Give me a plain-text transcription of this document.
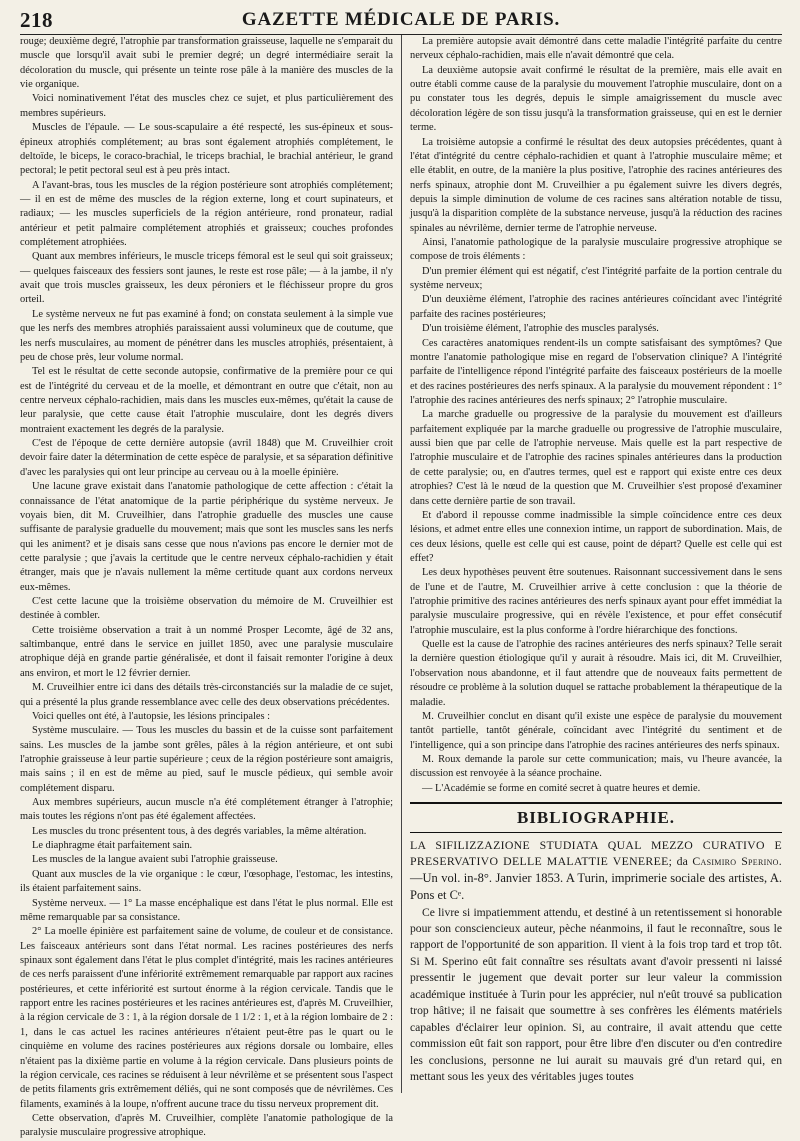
218	GAZETTE MÉDICALE DE PARIS.

rouge; deuxième degré, l'atrophie par transformation graisseuse, laquelle ne s'emparait du muscle que lorsqu'il avait subi le premier degré; un degré intermédiaire serait la décoloration du muscle, qui présente un teinte rose pâle à la manière des muscles de la vie organique.

Voici nominativement l'état des muscles chez ce sujet, et plus particulièrement des membres supérieurs.

Muscles de l'épaule. — Le sous-scapulaire a été respecté, les sus-épineux et sous-épineux atrophiés complétement; au bras sont également atrophiés complétement, le deltoïde, le biceps, le coraco-brachial, le triceps brachial, le brachial antérieur, le grand pectoral; le petit pectoral seul est à peu près intact.

A l'avant-bras, tous les muscles de la région postérieure sont atrophiés complétement; — il en est de même des muscles de la région externe, long et court supinateurs, et radiaux; — les muscles superficiels de la région antérieure, rond pronateur, radial antérieur et petit palmaire complétement atrophiés et graisseux; couches profondes complétement atrophiées.

Quant aux membres inférieurs, le muscle triceps fémoral est le seul qui soit graisseux; — quelques faisceaux des fessiers sont jaunes, le reste est rose pâle; — à la jambe, il n'y avait que trois muscles graisseux, les deux péroniers et le fléchisseur propre du gros orteil.

Le système nerveux ne fut pas examiné à fond; on constata seulement à la simple vue que les nerfs des membres atrophiés paraissaient aussi volumineux que de coutume, que les nerfs musculaires, au moment de pénétrer dans les muscles atrophiés, présentaient, à peu de chose près, leur volume normal.

Tel est le résultat de cette seconde autopsie, confirmative de la première pour ce qui est de l'intégrité du cerveau et de la moelle, et démontrant en outre que c'était, non au centre nerveux céphalo-rachidien, mais dans les muscles eux-mêmes, qu'était la cause de leur paralysie, que cette cause était l'atrophie musculaire, dont les degrés divers montraient exactement les degrés de la paralysie.

C'est de l'époque de cette dernière autopsie (avril 1848) que M. Cruveilhier croit devoir faire dater la détermination de cette espèce de paralysie, et sa séparation définitive d'avec les paralysies qui ont leur principe au cerveau ou à la moelle épinière.

Une lacune grave existait dans l'anatomie pathologique de cette affection : c'était la connaissance de l'état anatomique de la partie périphérique du système nerveux. Je voyais bien, dit M. Cruveilhier, dans l'atrophie graduelle des muscles une cause suffisante de paralysie graduelle du mouvement; mais que sont les muscles sans les nerfs qui les animent? et je disais sans cesse que nous n'avions pas encore le dernier mot de cette paralysie ; que j'avais la certitude que le centre nerveux céphalo-rachidien y était étranger, mais que je n'avais nullement la même certitude quant aux cordons nerveux eux-mêmes.

C'est cette lacune que la troisième observation du mémoire de M. Cruveilhier est destinée à combler.

Cette troisième observation a trait à un nommé Prosper Lecomte, âgé de 32 ans, saltimbanque, entré dans le service en juillet 1850, avec une paralysie musculaire atrophique déjà en grande partie généralisée, et dont il faisait remonter l'origine à deux ans environ, et mort le 12 février dernier.

M. Cruveilhier entre ici dans des détails très-circonstanciés sur la maladie de ce sujet, qui a présenté la plus grande ressemblance avec celle des deux observations précédentes.

Voici quelles ont été, à l'autopsie, les lésions principales :

Système musculaire. — Tous les muscles du bassin et de la cuisse sont parfaitement sains. Les muscles de la jambe sont grêles, pâles à la région antérieure, et ont subi l'atrophie graisseuse à leur partie supérieure ; ceux de la région postérieure sont amaigris, mais sains ; il en est de même au pied, sauf le muscle pédieux, qui semble avoir complétement disparu.

Aux membres supérieurs, aucun muscle n'a été complétement étranger à l'atrophie; mais toutes les régions n'ont pas été également affectées.

Les muscles du tronc présentent tous, à des degrés variables, la même altération.

Le diaphragme était parfaitement sain.

Les muscles de la langue avaient subi l'atrophie graisseuse.

Quant aux muscles de la vie organique : le cœur, l'œsophage, l'estomac, les intestins, ils étaient parfaitement sains.

Système nerveux. — 1° La masse encéphalique est dans l'état le plus normal. Elle est même remarquable par sa consistance.

2° La moelle épinière est parfaitement saine de volume, de couleur et de consistance. Les faisceaux antérieurs sont dans l'état normal. Les racines postérieures des nerfs spinaux sont également dans l'état le plus complet d'intégrité, mais les racines antérieures de ces nerfs paraissent d'une infériorité extrêmement remarquable par rapport aux racines postérieures, et cette infériorité est surtout énorme à la région cervicale. Tandis que le rapport entre les racines postérieures et les racines antérieures est, d'après M. Cruveilhier, à la région cervicale de 3 : 1, à la région dorsale de 1 1/2 : 1, et à la région lombaire de 2 : 1, dans le cas actuel les racines antérieures n'étaient peut-être pas le quart ou le cinquième en volume des racines postérieures aux régions dorsale ou lombaire, elles n'étaient pas la dixième partie en volume à la région cervicale. Dans plusieurs points de la région cervicale, ces racines se réduisent à leur névrilème et se présentent sous l'aspect de petits filaments gris extrêmement déliés, qui ne sont composés que de névrilèmes. Ces filaments, examinés à la loupe, n'offrent aucune trace du tissu nerveux proprement dit.

Cette observation, d'après M. Cruveilhier, complète l'anatomie pathologique de la paralysie musculaire progressive atrophique.

La première autopsie avait démontré dans cette maladie l'intégrité parfaite du centre nerveux céphalo-rachidien, mais elle n'avait démontré que cela.

La deuxième autopsie avait confirmé le résultat de la première, mais elle avait en outre établi comme cause de la paralysie du mouvement l'atrophie musculaire, dont on a pu constater tous les degrés, depuis le simple amaigrissement du muscle avec décoloration légère de son tissu jusqu'à la transformation graisseuse, qui en est le dernier terme.

La troisième autopsie a confirmé le résultat des deux autopsies précédentes, quant à l'état d'intégrité du centre céphalo-rachidien et quant à l'atrophie musculaire même; et elle établit, en outre, de la manière la plus positive, l'atrophie des racines antérieures des nerfs spinaux, atrophie dont M. Cruveilhier a pu également suivre les divers degrés, depuis la simple diminution de volume de ces racines sans altération notable de tissu, jusqu'à la disparition complète de la substance nerveuse, jusqu'à la réduction des racines spinales au névrilème, dernier terme de l'atrophie nerveuse.

Ainsi, l'anatomie pathologique de la paralysie musculaire progressive atrophique se compose de trois éléments :

D'un premier élément qui est négatif, c'est l'intégrité parfaite de la portion centrale du système nerveux;

D'un deuxième élément, l'atrophie des racines antérieures coïncidant avec l'intégrité parfaite des racines postérieures;

D'un troisième élément, l'atrophie des muscles paralysés.

Ces caractères anatomiques rendent-ils un compte satisfaisant des symptômes? Que montre l'anatomie pathologique mise en regard de l'observation clinique? A l'intégrité parfaite de l'intelligence répond l'intégrité parfaite des faisceaux postérieurs de la moelle et des racines postérieures des nerfs spinaux. A la paralysie du mouvement répondent : 1° l'atrophie des racines antérieures des nerfs spinaux; 2° l'atrophie musculaire.

La marche graduelle ou progressive de la paralysie du mouvement est d'ailleurs parfaitement expliquée par la marche graduelle ou progressive de l'atrophie musculaire, aussi bien que par celle de l'atrophie nerveuse. Mais quelle est la part respective de l'atrophie musculaire et de l'atrophie des racines spinales antérieures dans la production de cette paralysie; ou, en d'autres termes, quel est e rapport qui existe entre ces deux atrophies? C'est là le nœud de la question que M. Cruveilhier s'est proposé d'examiner dans cette dernière partie de son travail.

Et d'abord il repousse comme inadmissible la simple coïncidence entre ces deux lésions, et admet entre elles une connexion intime, un rapport de subordination. Mais, de ces deux lésions, quelle est celle qui est cause, point de départ? Quelle est celle qui est effet?

Les deux hypothèses peuvent être soutenues. Raisonnant successivement dans le sens de l'une et de l'autre, M. Cruveilhier arrive à cette conclusion : que la théorie de l'atrophie primitive des racines antérieures des nerfs spinaux ayant pour effet immédiat la paralysie musculaire progressive, qui en révèle l'existence, et pour effet consécutif l'atrophie musculaire, est la plus conforme à l'ordre hiérarchique des fonctions.

Quelle est la cause de l'atrophie des racines antérieures des nerfs spinaux? Telle serait la dernière question étiologique qu'il y aurait à résoudre. Mais ici, dit M. Cruveilhier, l'observation nous abandonne, et il faut attendre que de nouveaux faits permettent de résoudre ce problème à la solution duquel se rattache probablement la thérapeutique de la maladie.

M. Cruveilhier conclut en disant qu'il existe une espèce de paralysie du mouvement tantôt partielle, tantôt générale, coïncidant avec l'intégrité du sentiment et de l'intelligence, qui a son principe dans l'atrophie des racines antérieures des nerfs spinaux.

M. Roux demande la parole sur cette communication; mais, vu l'heure avancée, la discussion est renvoyée à la séance prochaine.

— L'Académie se forme en comité secret à quatre heures et demie.

BIBLIOGRAPHIE.

LA SIFILIZZAZIONE STUDIATA QUAL MEZZO CURATIVO E PRESERVATIVO DELLE MALATTIE VENEREE; da Casimiro Sperino. —Un vol. in-8°. Janvier 1853. A Turin, imprimerie sociale des artistes, A. Pons et Cᵉ.

Ce livre si impatiemment attendu, et destiné à un retentissement si honorable pour son consciencieux auteur, pèche néanmoins, il faut le reconnaître, sous le rapport de l'opportunité de son apparition. Il vient à la fois trop tard et trop tôt. Si M. Sperino eût fait connaître ses résultats avant d'avoir pressenti ni laissé pressentir le jugement que devait porter sur leur valeur la commission académique instituée à Turin pour les apprécier, nul n'eût trouvé sa publication trop hâtive; il ne faisait que soumettre à ses confrères les éléments matériels capables d'éclairer leur opinion. Si, au contraire, il avait attendu que cette commission eût fait son rapport, pour être libre d'en discuter ou d'en contredire les conclusions, personne ne lui aurait su mauvais gré d'un retard qui, en mettant sous les yeux des véritables juges toutes
